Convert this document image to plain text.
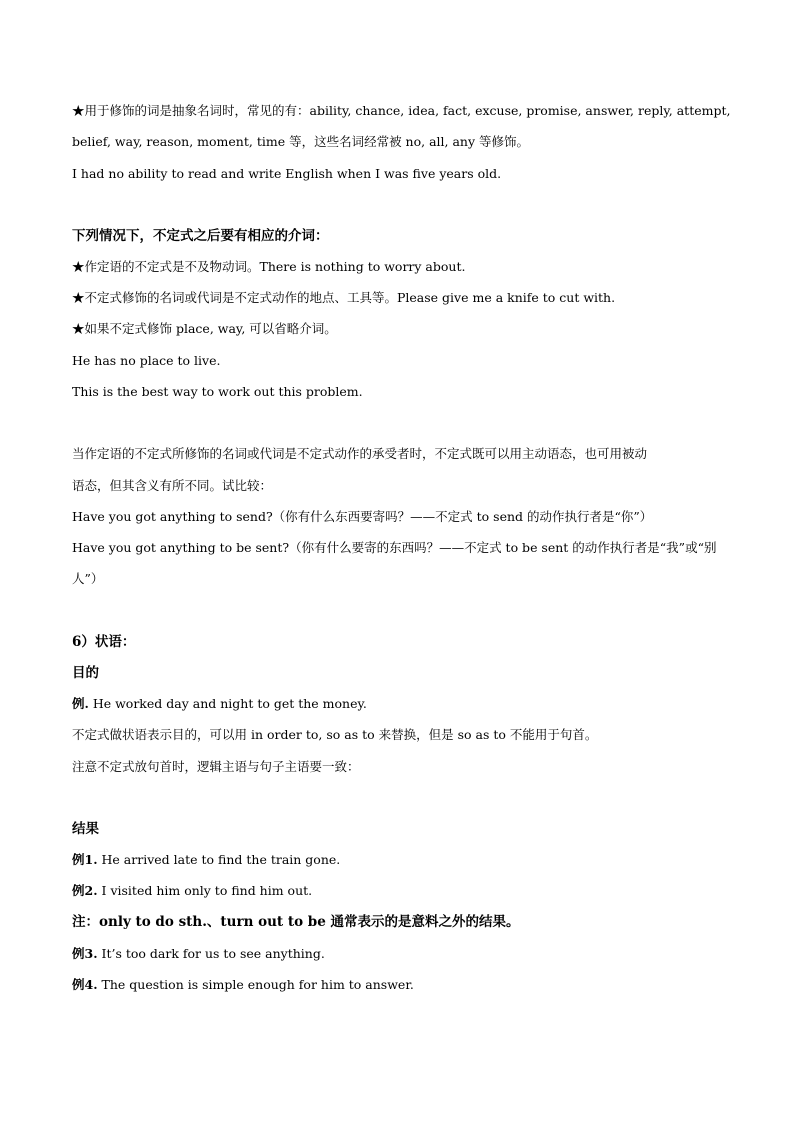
★用于修饰的词是抽象名词时，常见的有：ability, chance, idea, fact, excuse, promise, answer, reply, attempt,
belief, way, reason, moment, time 等，这些名词经常被 no, all, any 等修饰。
I had no ability to read and write English when I was five years old.
下列情况下，不定式之后要有相应的介词：
★作定语的不定式是不及物动词。There is nothing to worry about.
★不定式修饰的名词或代词是不定式动作的地点、工具等。Please give me a knife to cut with.
★如果不定式修饰 place, way, 可以省略介词。
He has no place to live.
This is the best way to work out this problem.
当作定语的不定式所修饰的名词或代词是不定式动作的承受者时，不定式既可以用主动语态，也可用被动
语态，但其含义有所不同。试比较：
Have you got anything to send?（你有什么东西要寄吗？——不定式 to send 的动作执行者是“你”）
Have you got anything to be sent?（你有什么要寄的东西吗？——不定式 to be sent 的动作执行者是“我”或“别
人”）
6）状语：
目的
例. He worked day and night to get the money.
不定式做状语表示目的，可以用 in order to, so as to 来替换，但是 so as to 不能用于句首。
注意不定式放句首时，逻辑主语与句子主语要一致：
结果
例1. He arrived late to find the train gone.
例2. I visited him only to find him out.
注：only to do sth.、turn out to be 通常表示的是意料之外的结果。
例3. It’s too dark for us to see anything.
例4. The question is simple enough for him to answer.
